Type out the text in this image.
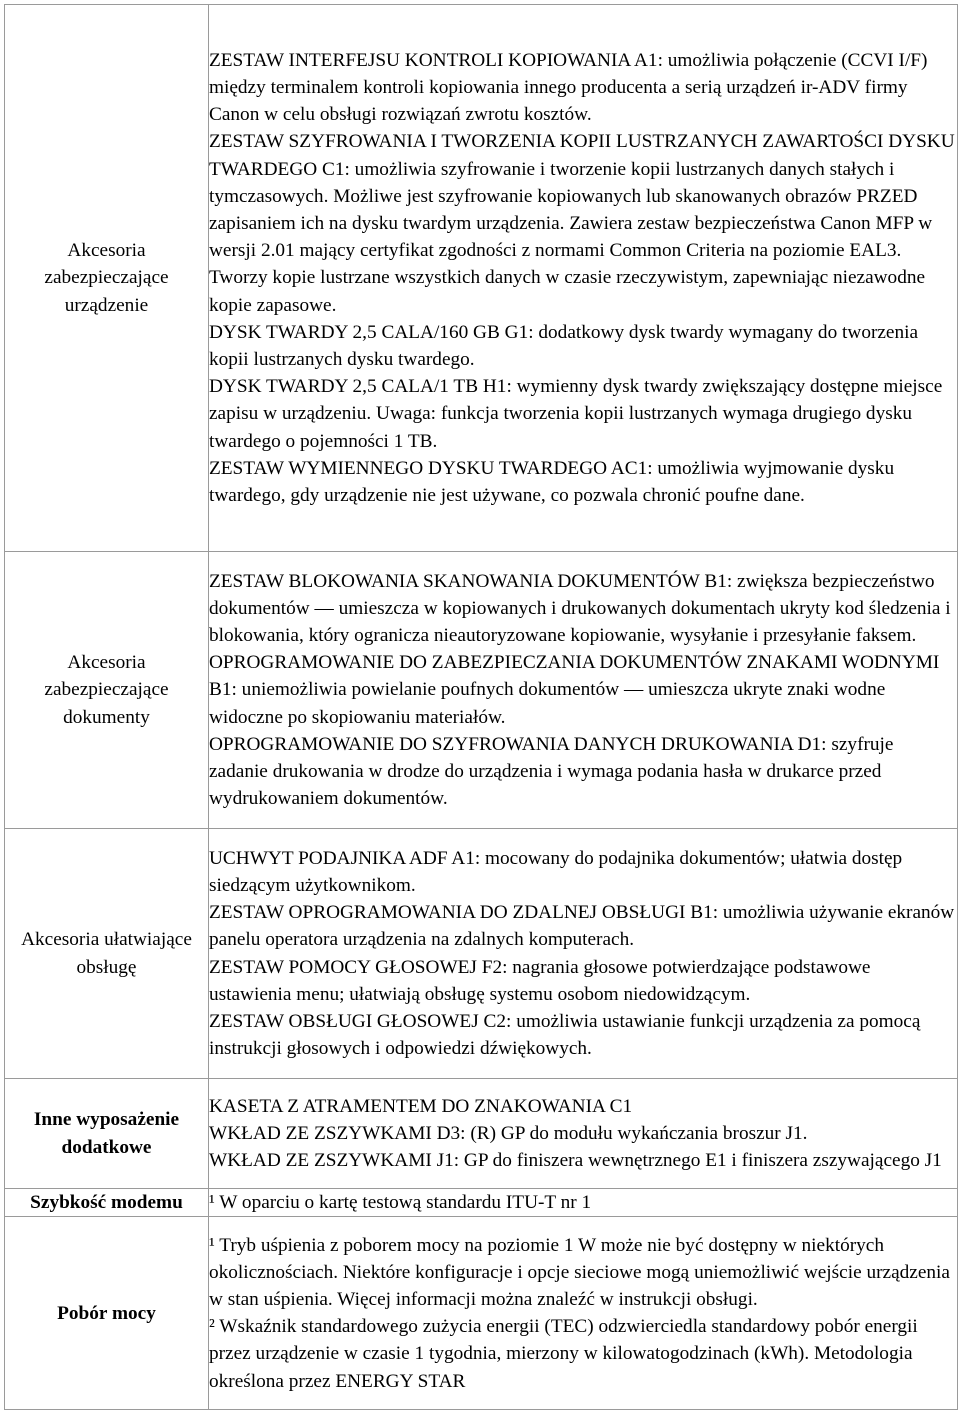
Akcesoria zabezpieczające urządzenie	ZESTAW INTERFEJSU KONTROLI KOPIOWANIA A1: umożliwia połączenie (CCVI I/F) między terminalem kontroli kopiowania innego producenta a serią urządzeń ir-ADV firmy Canon w celu obsługi rozwiązań zwrotu kosztów.

ZESTAW SZYFROWANIA I TWORZENIA KOPII LUSTRZANYCH ZAWARTOŚCI DYSKU TWARDEGO C1: umożliwia szyfrowanie i tworzenie kopii lustrzanych danych stałych i tymczasowych. Możliwe jest szyfrowanie kopiowanych lub skanowanych obrazów PRZED zapisaniem ich na dysku twardym urządzenia. Zawiera zestaw bezpieczeństwa Canon MFP w wersji 2.01 mający certyfikat zgodności z normami Common Criteria na poziomie EAL3. Tworzy kopie lustrzane wszystkich danych w czasie rzeczywistym, zapewniając niezawodne kopie zapasowe.

DYSK TWARDY 2,5 CALA/160 GB G1: dodatkowy dysk twardy wymagany do tworzenia kopii lustrzanych dysku twardego.

DYSK TWARDY 2,5 CALA/1 TB H1: wymienny dysk twardy zwiększający dostępne miejsce zapisu w urządzeniu. Uwaga: funkcja tworzenia kopii lustrzanych wymaga drugiego dysku twardego o pojemności 1 TB.

ZESTAW WYMIENNEGO DYSKU TWARDEGO AC1: umożliwia wyjmowanie dysku twardego, gdy urządzenie nie jest używane, co pozwala chronić poufne dane.

Akcesoria zabezpieczające dokumenty	ZESTAW BLOKOWANIA SKANOWANIA DOKUMENTÓW B1: zwiększa bezpieczeństwo dokumentów — umieszcza w kopiowanych i drukowanych dokumentach ukryty kod śledzenia i blokowania, który ogranicza nieautoryzowane kopiowanie, wysyłanie i przesyłanie faksem.

OPROGRAMOWANIE DO ZABEZPIECZANIA DOKUMENTÓW ZNAKAMI WODNYMI B1: uniemożliwia powielanie poufnych dokumentów — umieszcza ukryte znaki wodne widoczne po skopiowaniu materiałów.

OPROGRAMOWANIE DO SZYFROWANIA DANYCH DRUKOWANIA D1: szyfruje zadanie drukowania w drodze do urządzenia i wymaga podania hasła w drukarce przed wydrukowaniem dokumentów.

Akcesoria ułatwiające obsługę	UCHWYT PODAJNIKA ADF A1: mocowany do podajnika dokumentów; ułatwia dostęp siedzącym użytkownikom.

ZESTAW OPROGRAMOWANIA DO ZDALNEJ OBSŁUGI B1: umożliwia używanie ekranów panelu operatora urządzenia na zdalnych komputerach.

ZESTAW POMOCY GŁOSOWEJ F2: nagrania głosowe potwierdzające podstawowe ustawienia menu; ułatwiają obsługę systemu osobom niedowidzącym.

ZESTAW OBSŁUGI GŁOSOWEJ C2: umożliwia ustawianie funkcji urządzenia za pomocą instrukcji głosowych i odpowiedzi dźwiękowych.

Inne wyposażenie dodatkowe	KASETA Z ATRAMENTEM DO ZNAKOWANIA C1

WKŁAD ZE ZSZYWKAMI D3: (R) GP do modułu wykańczania broszur J1.

WKŁAD ZE ZSZYWKAMI J1: GP do finiszera wewnętrznego E1 i finiszera zszywającego J1

Szybkość modemu	¹ W oparciu o kartę testową standardu ITU-T nr 1

Pobór mocy	¹ Tryb uśpienia z poborem mocy na poziomie 1 W może nie być dostępny w niektórych okolicznościach. Niektóre konfiguracje i opcje sieciowe mogą uniemożliwić wejście urządzenia w stan uśpienia. Więcej informacji można znaleźć w instrukcji obsługi.

² Wskaźnik standardowego zużycia energii (TEC) odzwierciedla standardowy pobór energii przez urządzenie w czasie 1 tygodnia, mierzony w kilowatogodzinach (kWh). Metodologia określona przez ENERGY STAR
